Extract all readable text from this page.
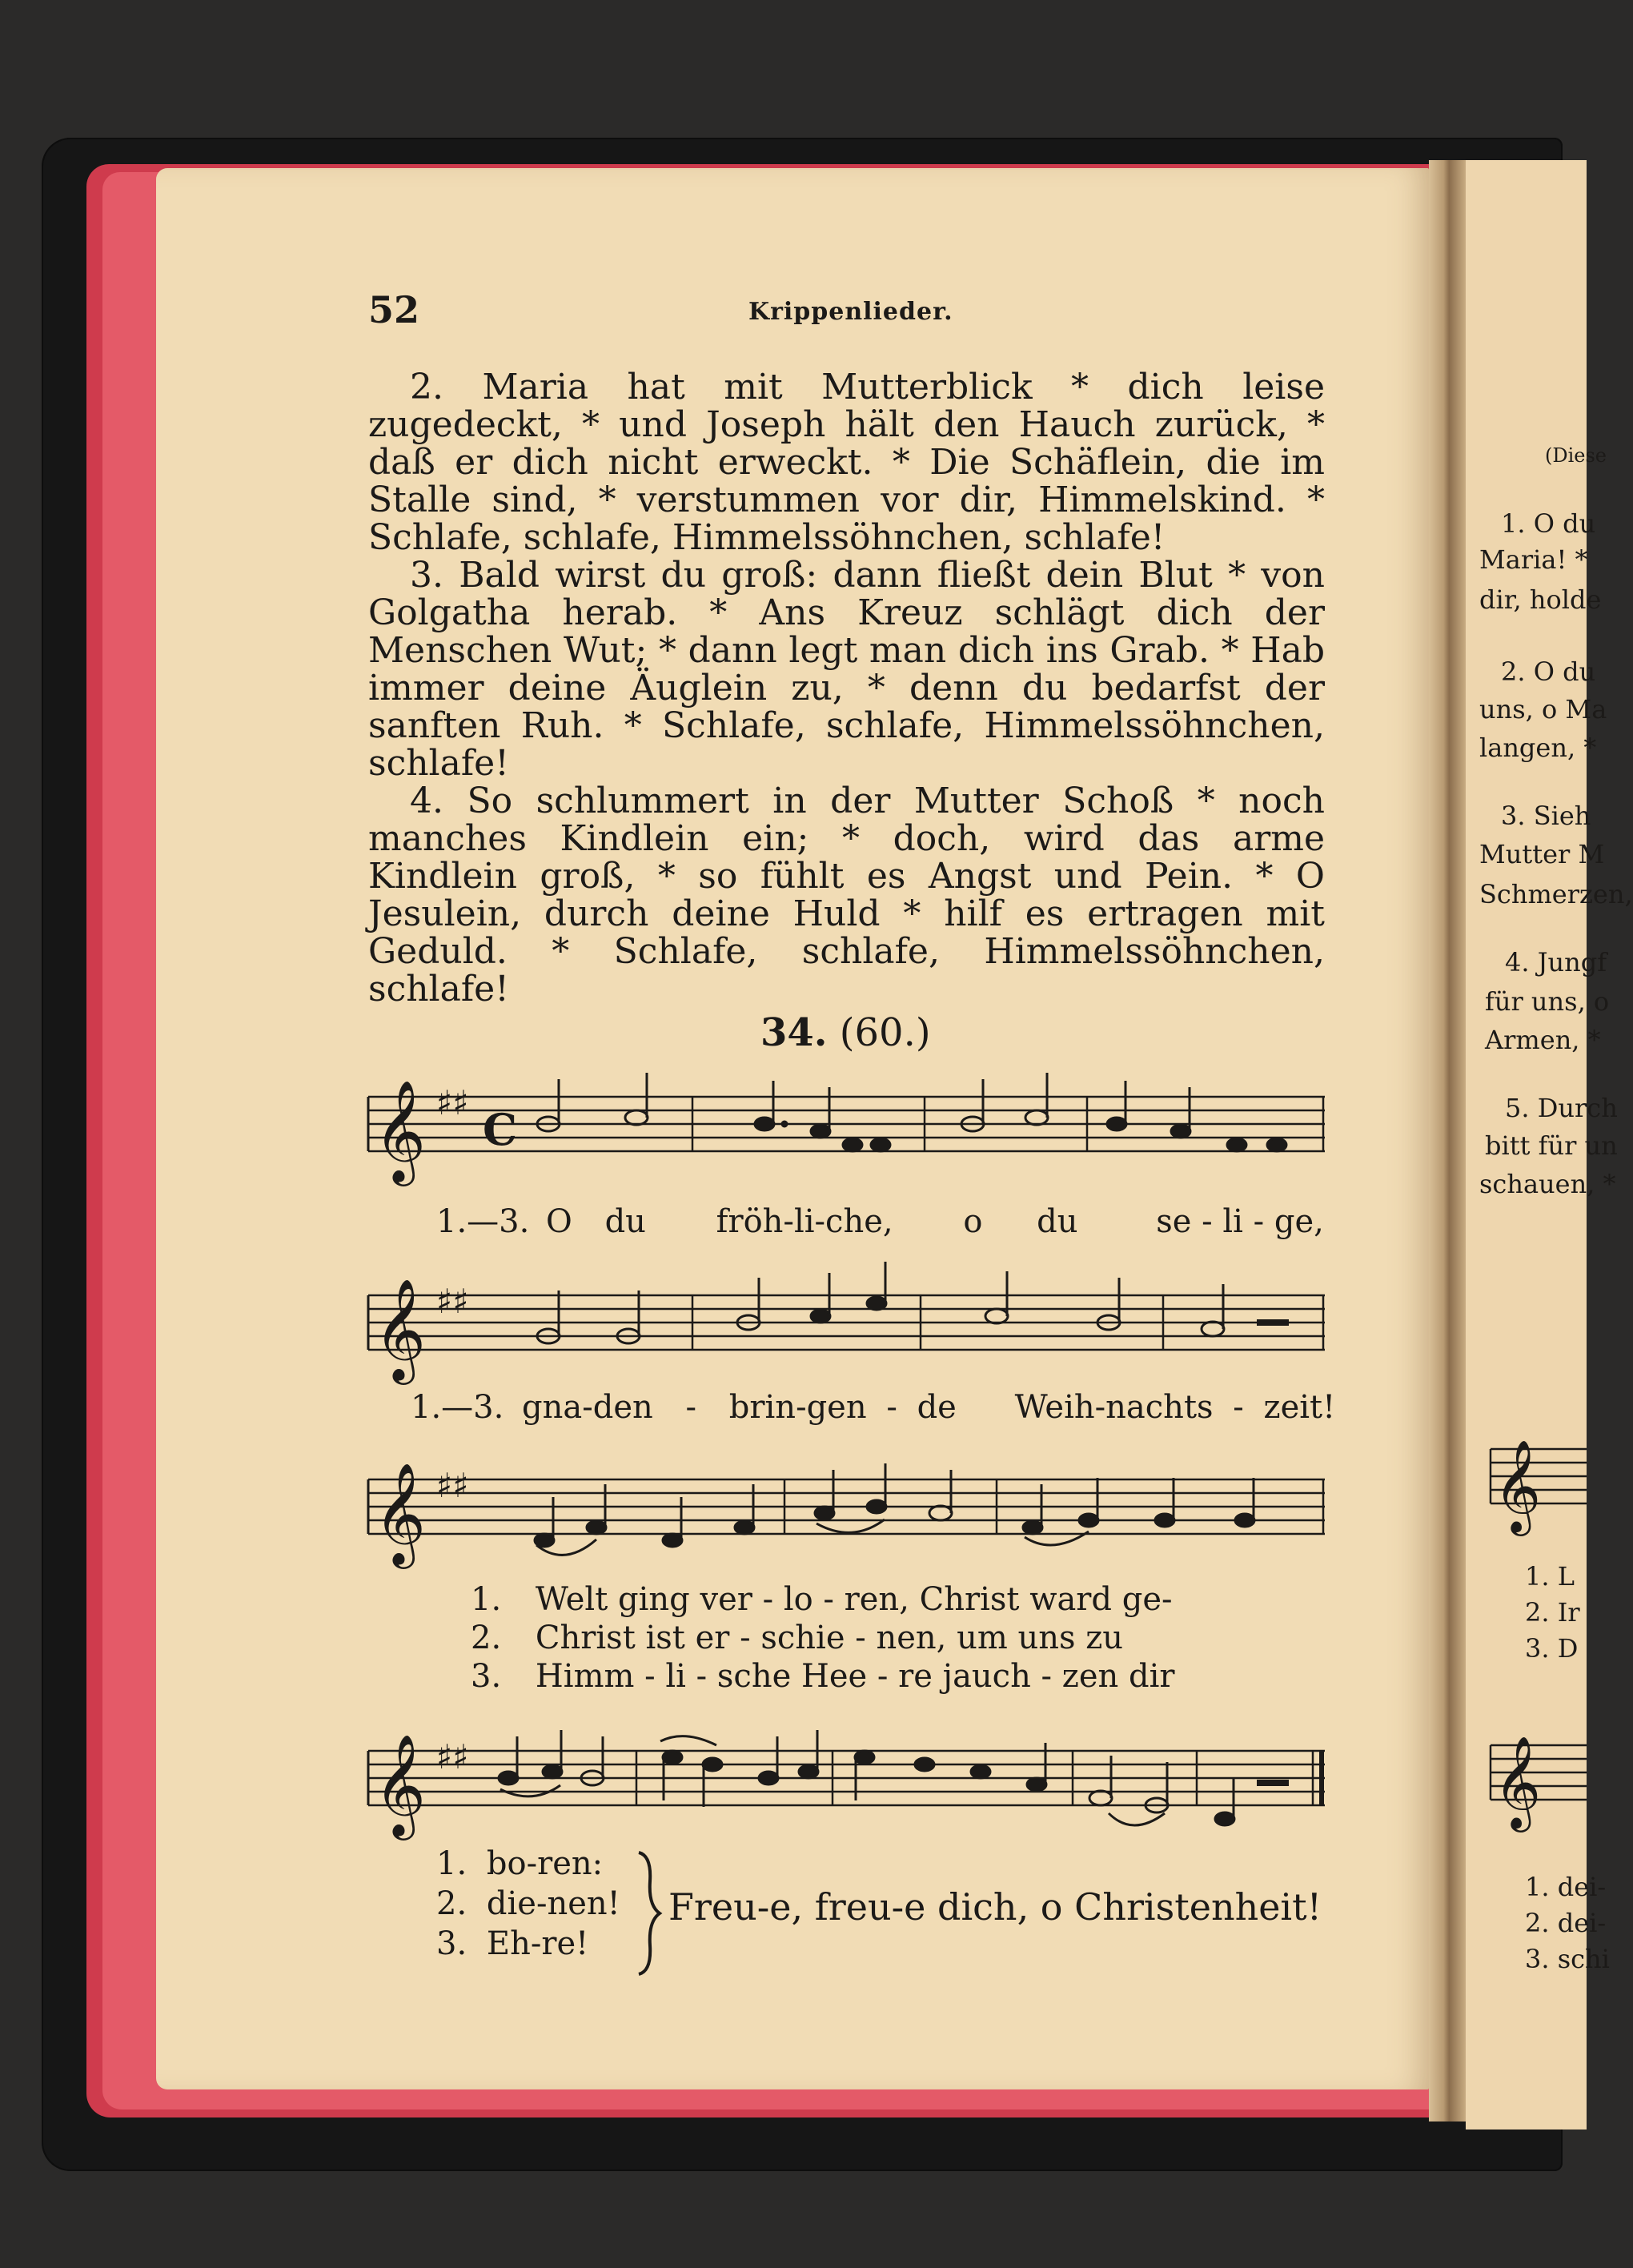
52	Krippenlieder.

2. Maria hat mit Mutterblick * dich leise zugedeckt, * und Joseph hält den Hauch zurück, * daß er dich nicht erweckt. * Die Schäflein, die im Stalle sind, * verstummen vor dir, Himmelskind. * Schlafe, schlafe, Himmelssöhnchen, schlafe!

3. Bald wirst du groß: dann fließt dein Blut * von Golgatha herab. * Ans Kreuz schlägt dich der Menschen Wut; * dann legt man dich ins Grab. * Hab immer deine Äuglein zu, * denn du bedarfst der sanften Ruh. * Schlafe, schlafe, Himmelssöhnchen, schlafe!

4. So schlummert in der Mutter Schoß * noch manches Kindlein ein; * doch, wird das arme Kindlein groß, * so fühlt es Angst und Pein. * O Jesulein, durch deine Huld * hilf es ertragen mit Geduld. * Schlafe, schlafe, Himmelssöhnchen, schlafe!

34. (60.)
𝄞 ♯♯
C
1.—3. O du fröh-li-che, o du se - li - ge,
𝄞 ♯♯
1.—3. gna-den - brin-gen - de Weih-nachts - zeit!
𝄞 ♯♯
1. Welt ging ver - lo - ren, Christ ward ge-
2. Christ ist er - schie - nen, um uns zu
3. Himm - li - sche Hee - re jauch - zen dir
𝄞 ♯♯
1. bo-ren:
2. die-nen!
3. Eh-re!
Freu-e, freu-e dich, o Christenheit!
(Diese
1. O du
Maria! *
dir, holde
2. O du
uns, o Ma
langen, *
3. Sieh
Mutter M
Schmerzen,
4. Jungf
für uns, o
Armen, *
5. Durch
bitt für un
schauen, *
𝄞
1. L
2. Ir
3. D
𝄞
1. dei-
2. dei-
3. schi
